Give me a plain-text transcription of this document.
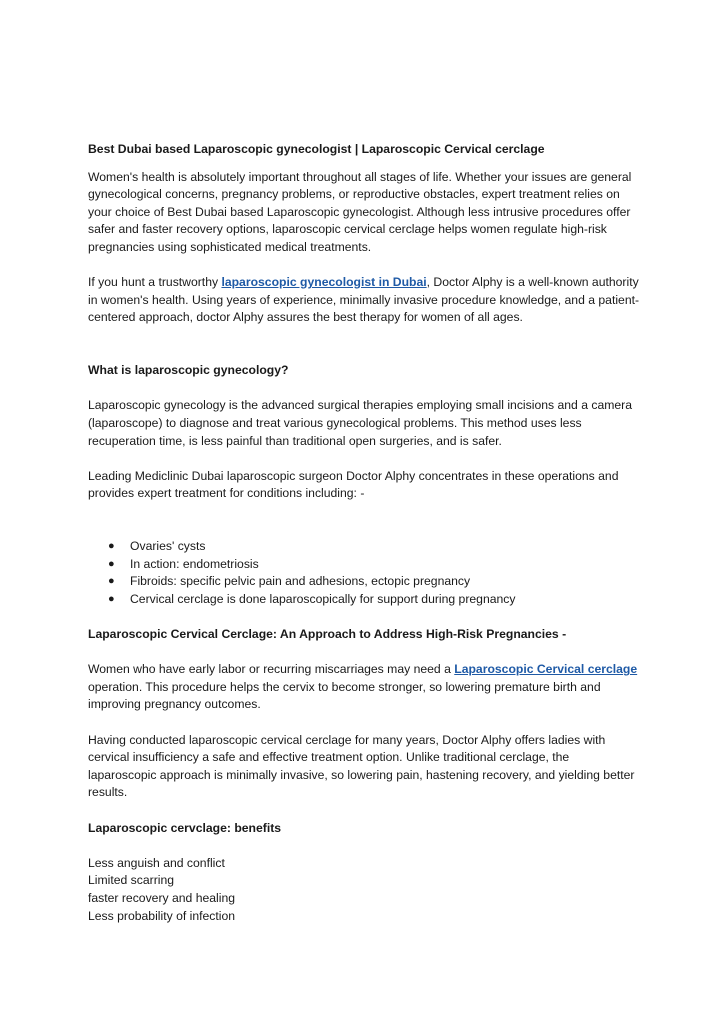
Best Dubai based Laparoscopic gynecologist | Laparoscopic Cervical cerclage

Women's health is absolutely important throughout all stages of life. Whether your issues are general gynecological concerns, pregnancy problems, or reproductive obstacles, expert treatment relies on your choice of Best Dubai based Laparoscopic gynecologist. Although less intrusive procedures offer safer and faster recovery options, laparoscopic cervical cerclage helps women regulate high-risk pregnancies using sophisticated medical treatments.

If you hunt a trustworthy laparoscopic gynecologist in Dubai, Doctor Alphy is a well-known authority in women's health. Using years of experience, minimally invasive procedure knowledge, and a patient-centered approach, doctor Alphy assures the best therapy for women of all ages.

What is laparoscopic gynecology?

Laparoscopic gynecology is the advanced surgical therapies employing small incisions and a camera (laparoscope) to diagnose and treat various gynecological problems. This method uses less recuperation time, is less painful than traditional open surgeries, and is safer.

Leading Mediclinic Dubai laparoscopic surgeon Doctor Alphy concentrates in these operations and provides expert treatment for conditions including: -

● Ovaries' cysts
● In action: endometriosis
● Fibroids: specific pelvic pain and adhesions, ectopic pregnancy
● Cervical cerclage is done laparoscopically for support during pregnancy

Laparoscopic Cervical Cerclage: An Approach to Address High-Risk Pregnancies -

Women who have early labor or recurring miscarriages may need a Laparoscopic Cervical cerclage operation. This procedure helps the cervix to become stronger, so lowering premature birth and improving pregnancy outcomes.

Having conducted laparoscopic cervical cerclage for many years, Doctor Alphy offers ladies with cervical insufficiency a safe and effective treatment option. Unlike traditional cerclage, the laparoscopic approach is minimally invasive, so lowering pain, hastening recovery, and yielding better results.

Laparoscopic cervclage: benefits

Less anguish and conflict

Limited scarring

faster recovery and healing

Less probability of infection
